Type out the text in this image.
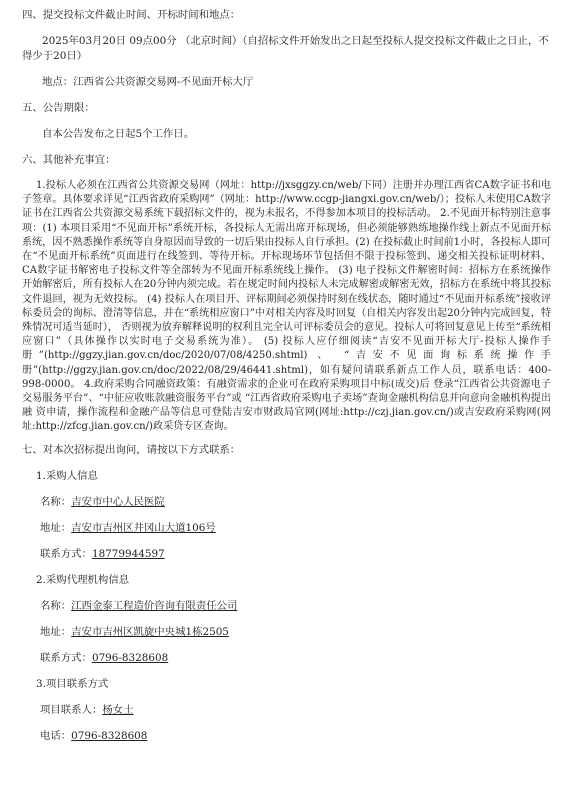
四、提交投标文件截止时间、开标时间和地点：
2025年03月20日 09点00分 （北京时间）（自招标文件开始发出之日起至投标人提交投标文件截止之日止，不得少于20日）
地点：江西省公共资源交易网-不见面开标大厅
五、公告期限：
自本公告发布之日起5个工作日。
六、其他补充事宜：
1.投标人必须在江西省公共资源交易网（网址：http://jxsggzy.cn/web/下同）注册并办理江西省CA数字证书和电子签章。具体要求详见“江西省政府采购网”（网址：http://www.ccgp-jiangxi.gov.cn/web/）；投标人未使用CA数字证书在江西省公共资源交易系统下载招标文件的，视为未报名，不得参加本项目的投标活动。 2.不见面开标特别注意事项：(1) 本项目采用“不见面开标”系统开标，各投标人无需出席开标现场，但必须能够熟练地操作线上新点不见面开标系统，因不熟悉操作系统等自身原因而导致的一切后果由投标人自行承担。(2) 在投标截止时间前1小时，各投标人即可在“不见面开标系统”页面进行在线签到、等待开标。开标现场环节包括但不限于投标签到、递交相关投标证明材料、CA数字证书解密电子投标文件等全部转为不见面开标系统线上操作。 (3) 电子投标文件解密时间：招标方在系统操作开始解密后，所有投标人在20分钟内须完成。若在规定时间内投标人未完成解密或解密无效，招标方在系统中将其投标文件退回，视为无效投标。 (4) 投标人在项目开、评标期间必须保持时刻在线状态，随时通过“不见面开标系统”接收评标委员会的询标、澄清等信息，并在“系统相应窗口”中对相关内容及时回复（自相关内容发出起20分钟内完成回复，特殊情况可适当延时）， 否则视为放弃解释说明的权利且完全认可评标委员会的意见。投标人可将回复意见上传至“系统相应窗口”（具体操作以实时电子交易系统为准）。 (5) 投标人应仔细阅读“吉安不见面开标大厅-投标人操作手册”(http://ggzy.jian.gov.cn/doc/2020/07/08/4250.shtml) 、 “吉安不见面询标系统操作手册”(http://ggzy.jian.gov.cn/doc/2022/08/29/46441.shtml)，如有疑问请联系新点工作人员，联系电话：400-998-0000。 4.政府采购合同融资政策：有融资需求的企业可在政府采购项目中标(成交)后 登录“江西省公共资源电子交易服务平台”、“中征应收账款融资服务平台”或 “江西省政府采购电子卖场”查询金融机构信息并向意向金融机构提出融 资申请，操作流程和金融产品等信息可登陆吉安市财政局官网(网址:http://czj.jian.gov.cn/)或吉安政府采购网(网址:http://zfcg.jian.gov.cn/)政采贷专区查询。
七、对本次招标提出询问，请按以下方式联系：
1.采购人信息
名称：吉安市中心人民医院
地址：吉安市吉州区井冈山大道106号
联系方式：18779944597
2.采购代理机构信息
名称：江西金泰工程造价咨询有限责任公司
地址：吉安市吉州区凯旋中央城1栋2505
联系方式：0796-8328608
3.项目联系方式
项目联系人：杨女士
电话：0796-8328608
